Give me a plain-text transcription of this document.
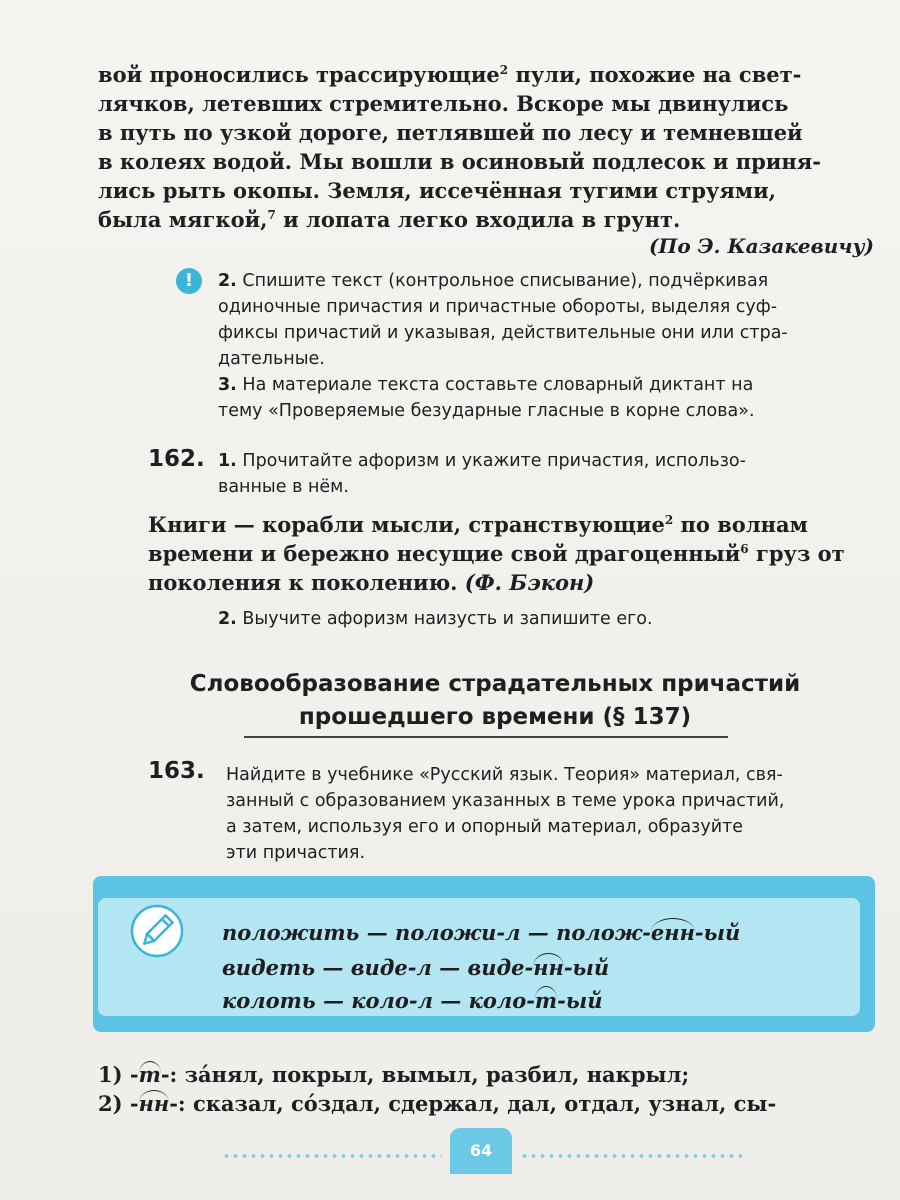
вой проносились трассирующие$^2$ пули, похожие на свет-
лячков, летевших стремительно. Вскоре мы двинулись
в путь по узкой дороге, петлявшей по лесу и темневшей
в колеях водой. Мы вошли в осиновый подлесок и приня-
лись рыть окопы. Земля, иссечённая тугими струями,
была мягкой,$^7$ и лопата легко входила в грунт.
(По Э. Казакевичу)
!	2. Спишите текст (контрольное списывание), подчёркивая
одиночные причастия и причастные обороты, выделяя суф-
фиксы причастий и указывая, действительные они или стра-
дательные.
3. На материале текста составьте словарный диктант на
тему «Проверяемые безударные гласные в корне слова».
162. 1. Прочитайте афоризм и укажите причастия, использо-
ванные в нём.
Книги — корабли мысли, странствующие$^2$ по волнам
времени и бережно несущие свой драгоценный$^6$ груз от
поколения к поколению. (Ф. Бэкон)
2. Выучите афоризм наизусть и запишите его.
Словообразование страдательных причастий
прошедшего времени (§ 137)
163. Найдите в учебнике «Русский язык. Теория» материал, свя-
занный с образованием указанных в теме урока причастий,
а затем, используя его и опорный материал, образуйте
эти причастия.
положить — положи-л — полож-енн-ый
видеть — виде-л — виде-нн-ый
колоть — коло-л — коло-т-ый
1) -т-: за́нял, покрыл, вымыл, разбил, накрыл;
2) -нн-: сказал, со́здал, сдержал, дал, отдал, узнал, сы-
64
